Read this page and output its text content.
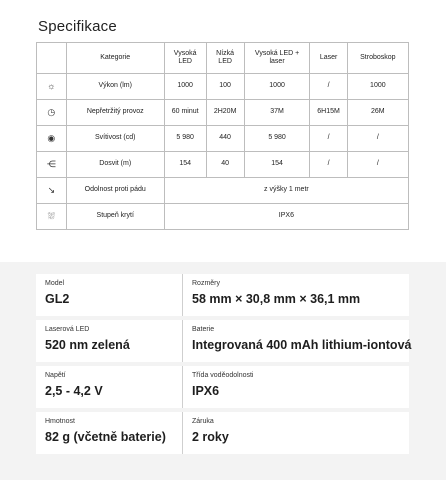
Specifikace
	Kategorie	Vysoká LED	Nízká LED	Vysoká LED + laser	Laser	Stroboskop
☼	Výkon (lm)	1000	100	1000	/	1000
◷	Nepřetržitý provoz	60 minut	2H20M	37M	6H15M	26M
◉	Svítivost (cd)	5 980	440	5 980	/	/
⋲	Dosvit (m)	154	40	154	/	/
↘	Odolnost proti pádu	z výšky 1 metr				
⛆	Stupeň krytí	IPX6				
Model
GL2
Rozměry
58 mm × 30,8 mm × 36,1 mm
Laserová LED
520 nm zelená
Baterie
Integrovaná 400 mAh lithium-iontová
Napětí
2,5 - 4,2 V
Třída voděodolnosti
IPX6
Hmotnost
82 g (včetně baterie)
Záruka
2 roky
